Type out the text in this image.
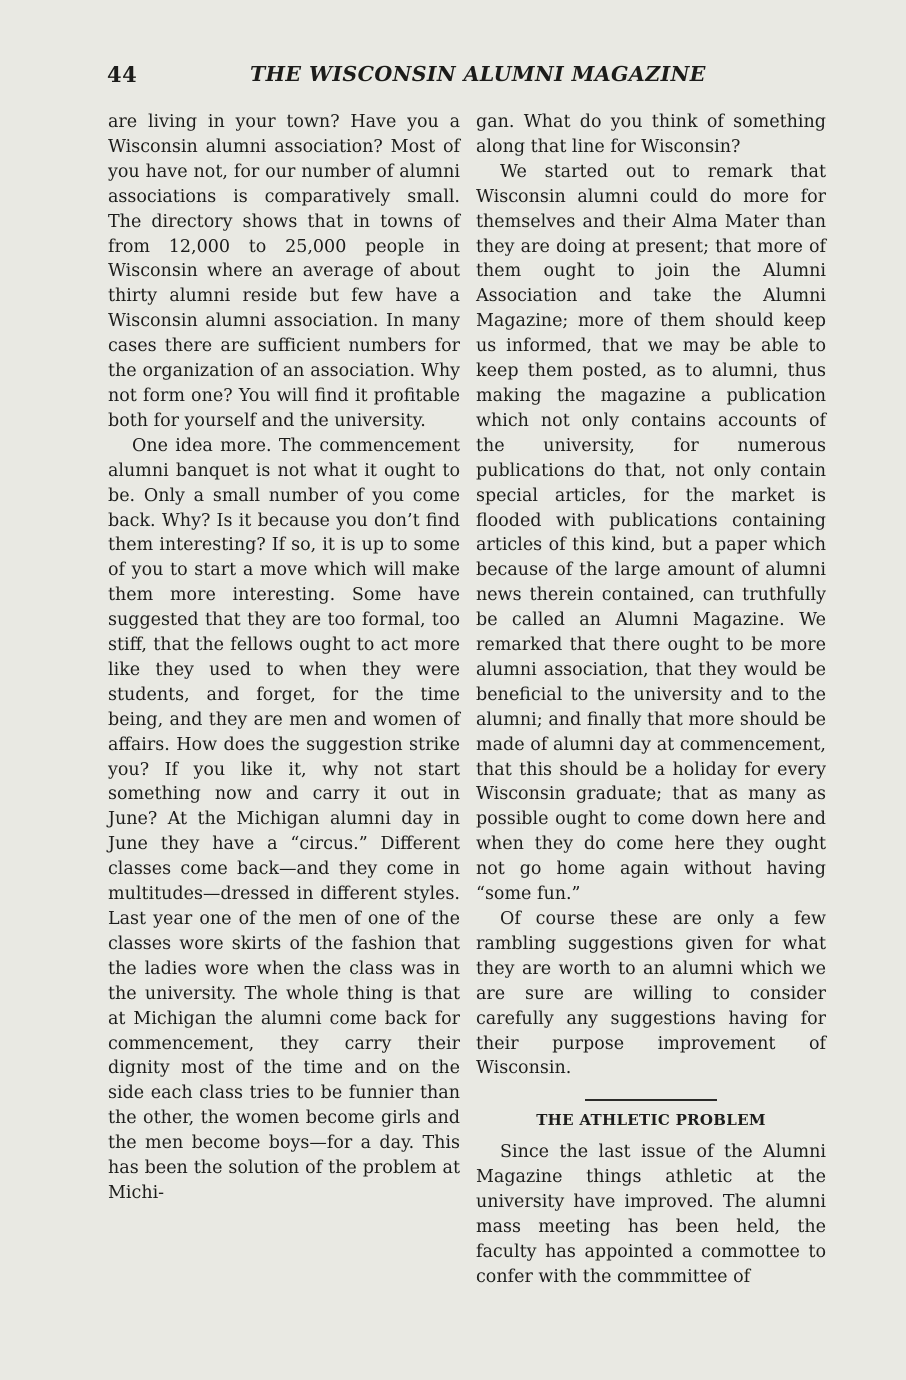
44	THE WISCONSIN ALUMNI MAGAZINE

are living in your town? Have you a Wisconsin alumni association? Most of you have not, for our number of alumni associations is comparatively small. The directory shows that in towns of from 12,000 to 25,000 people in Wisconsin where an average of about thirty alumni reside but few have a Wisconsin alumni association. In many cases there are sufficient numbers for the organization of an association. Why not form one? You will find it profitable both for yourself and the university.

One idea more. The commencement alumni banquet is not what it ought to be. Only a small number of you come back. Why? Is it because you don’t find them interesting? If so, it is up to some of you to start a move which will make them more interesting. Some have suggested that they are too formal, too stiff, that the fellows ought to act more like they used to when they were students, and forget, for the time being, and they are men and women of affairs. How does the suggestion strike you? If you like it, why not start something now and carry it out in June? At the Michigan alumni day in June they have a “circus.” Different classes come back—and they come in multitudes—dressed in different styles. Last year one of the men of one of the classes wore skirts of the fashion that the ladies wore when the class was in the university. The whole thing is that at Michigan the alumni come back for commencement, they carry their dignity most of the time and on the side each class tries to be funnier than the other, the women become girls and the men become boys—for a day. This has been the solution of the problem at Michi-

gan. What do you think of something along that line for Wisconsin?

We started out to remark that Wisconsin alumni could do more for themselves and their Alma Mater than they are doing at present; that more of them ought to join the Alumni Association and take the Alumni Magazine; more of them should keep us informed, that we may be able to keep them posted, as to alumni, thus making the magazine a publication which not only contains accounts of the university, for numerous publications do that, not only contain special articles, for the market is flooded with publications containing articles of this kind, but a paper which because of the large amount of alumni news therein contained, can truthfully be called an Alumni Magazine. We remarked that there ought to be more alumni association, that they would be beneficial to the university and to the alumni; and finally that more should be made of alumni day at commencement, that this should be a holiday for every Wisconsin graduate; that as many as possible ought to come down here and when they do come here they ought not go home again without having “some fun.”

Of course these are only a few rambling suggestions given for what they are worth to an alumni which we are sure are willing to consider carefully any suggestions having for their purpose improvement of Wisconsin.

THE ATHLETIC PROBLEM

Since the last issue of the Alumni Magazine things athletic at the university have improved. The alumni mass meeting has been held, the faculty has appointed a commottee to confer with the commmittee of
